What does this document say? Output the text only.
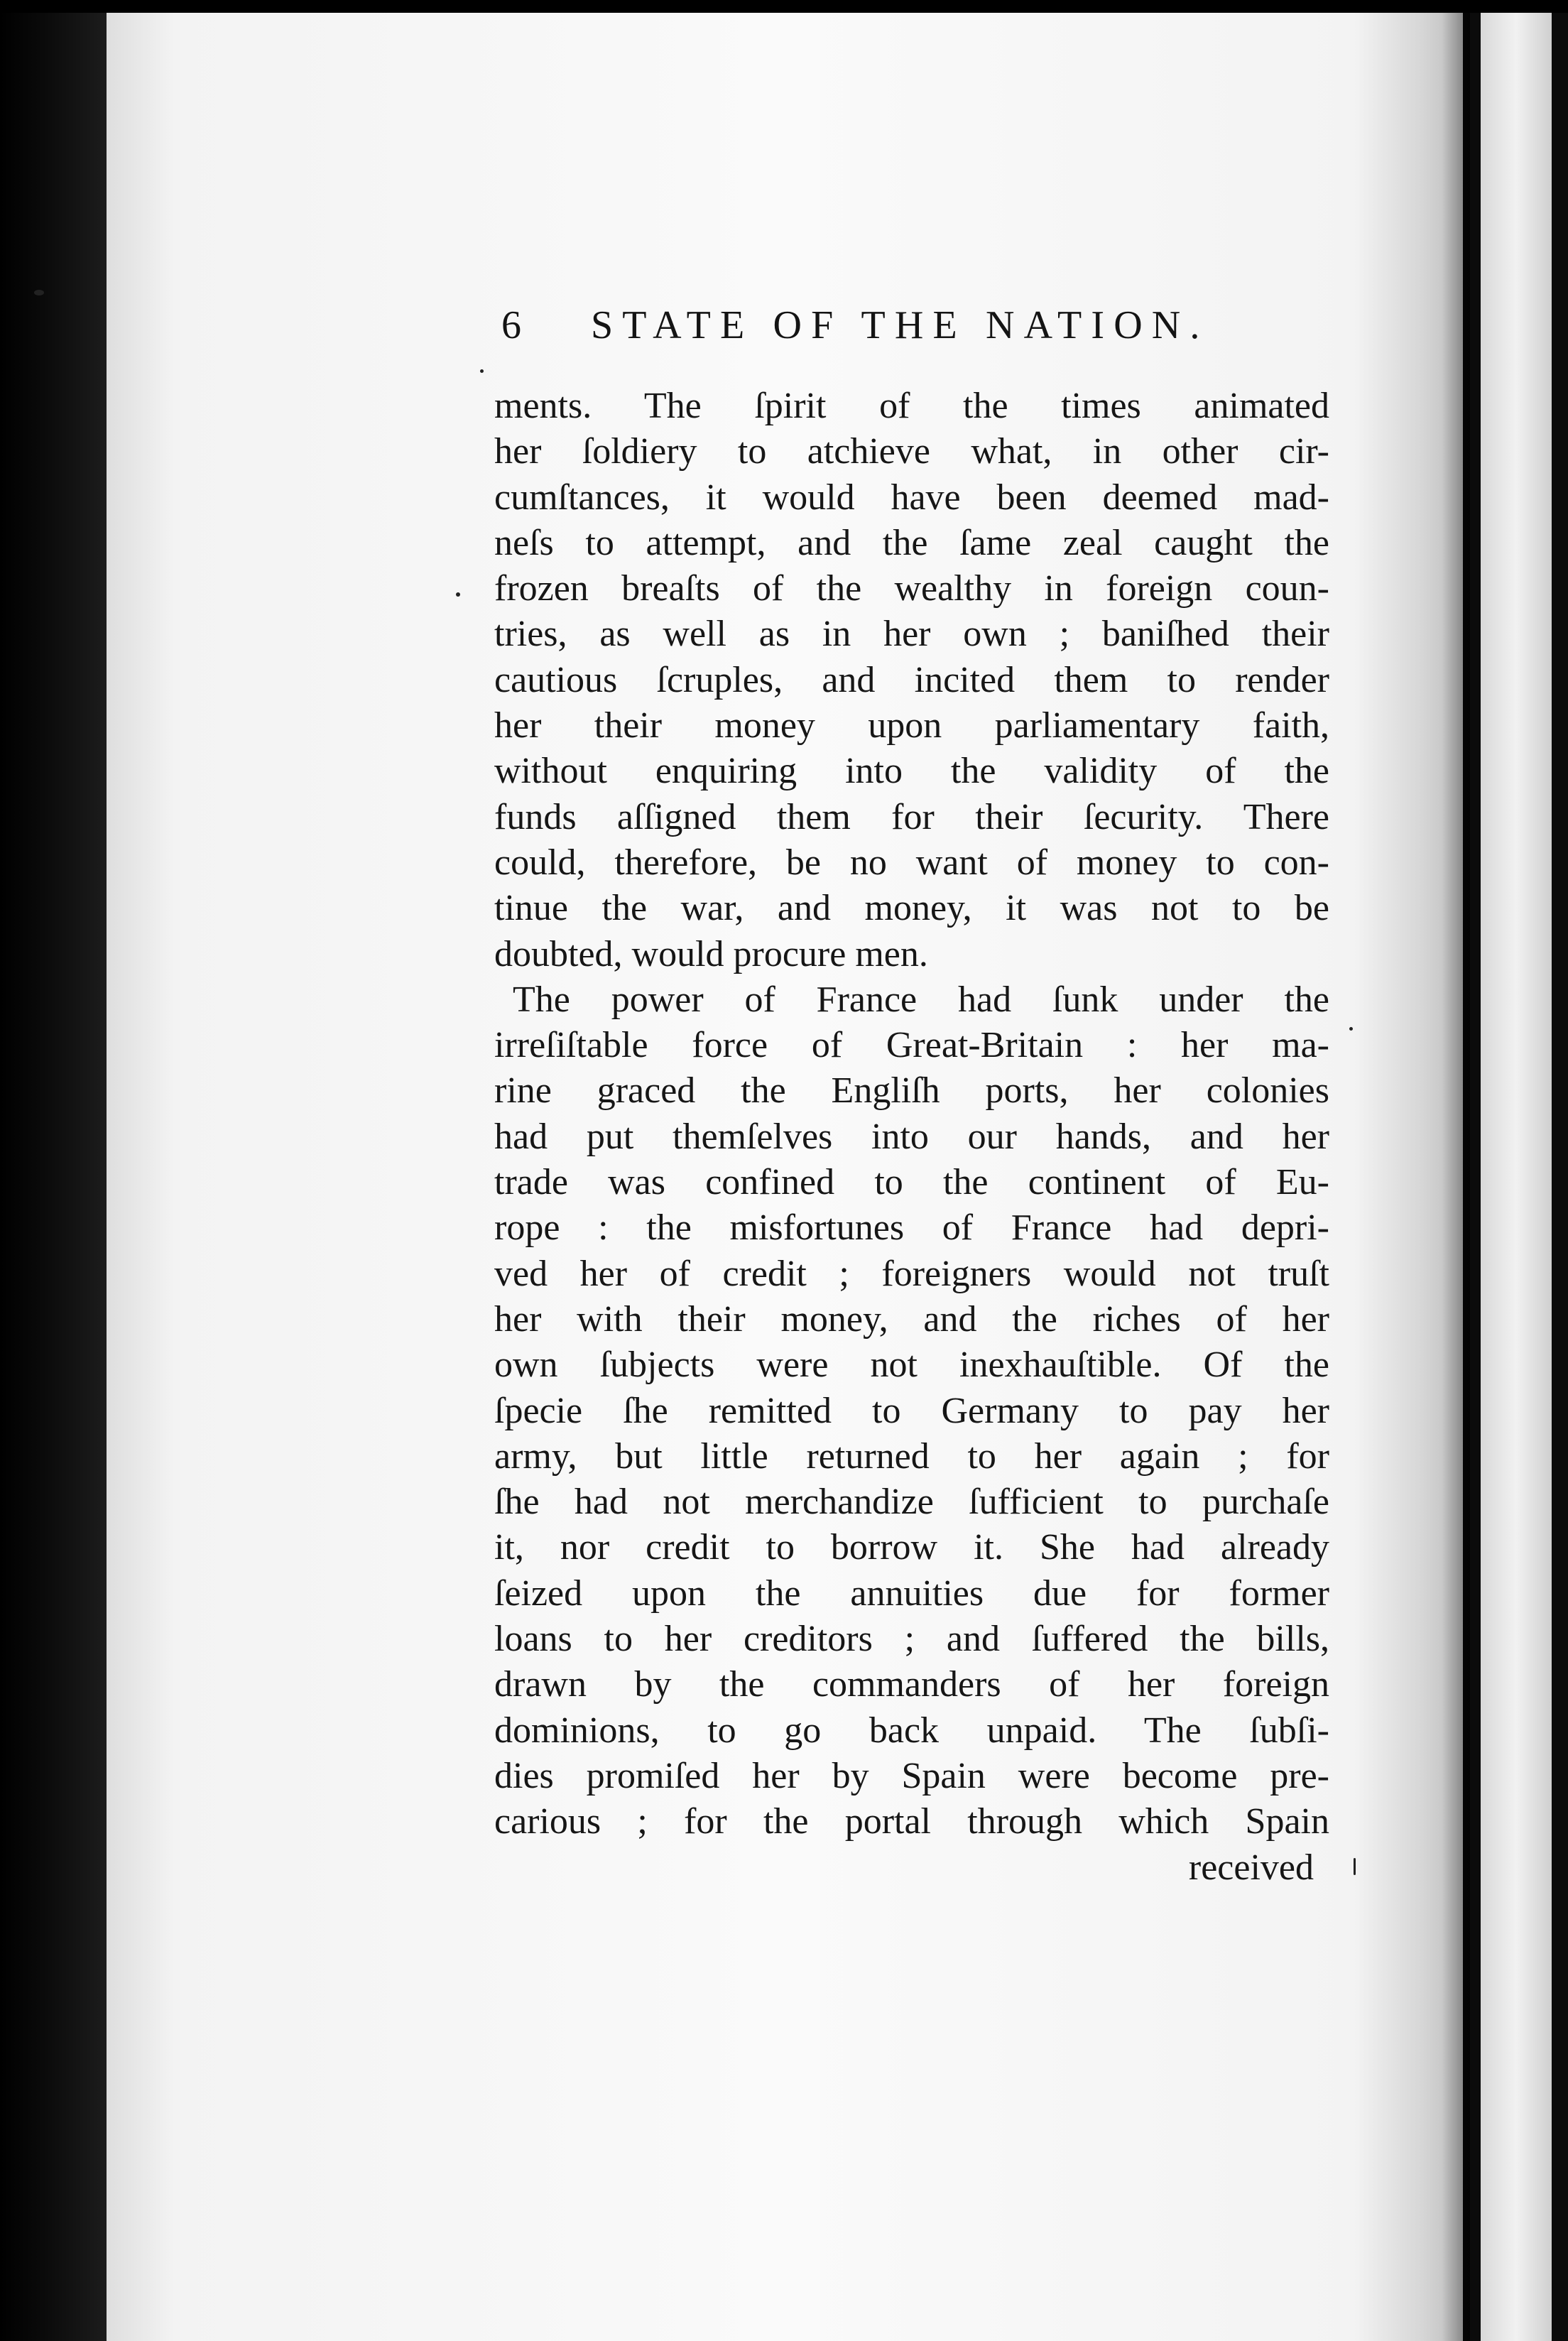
6 STATE OF THE NATION.
ments. The ſpirit of the times animated
her ſoldiery to atchieve what, in other cir-
cumſtances, it would have been deemed mad-
neſs to attempt, and the ſame zeal caught the
frozen breaſts of the wealthy in foreign coun-
tries, as well as in her own ; baniſhed their
cautious ſcruples, and incited them to render
her their money upon parliamentary faith,
without enquiring into the validity of the
funds aſſigned them for their ſecurity. There
could, therefore, be no want of money to con-
tinue the war, and money, it was not to be
doubted, would procure men.
The power of France had ſunk under the
irreſiſtable force of Great-Britain : her ma-
rine graced the Engliſh ports, her colonies
had put themſelves into our hands, and her
trade was confined to the continent of Eu-
rope : the misfortunes of France had depri-
ved her of credit ; foreigners would not truſt
her with their money, and the riches of her
own ſubjects were not inexhauſtible. Of the
ſpecie ſhe remitted to Germany to pay her
army, but little returned to her again ; for
ſhe had not merchandize ſufficient to purchaſe
it, nor credit to borrow it. She had already
ſeized upon the annuities due for former
loans to her creditors ; and ſuffered the bills,
drawn by the commanders of her foreign
dominions, to go back unpaid. The ſubſi-
dies promiſed her by Spain were become pre-
carious ; for the portal through which Spain
received
